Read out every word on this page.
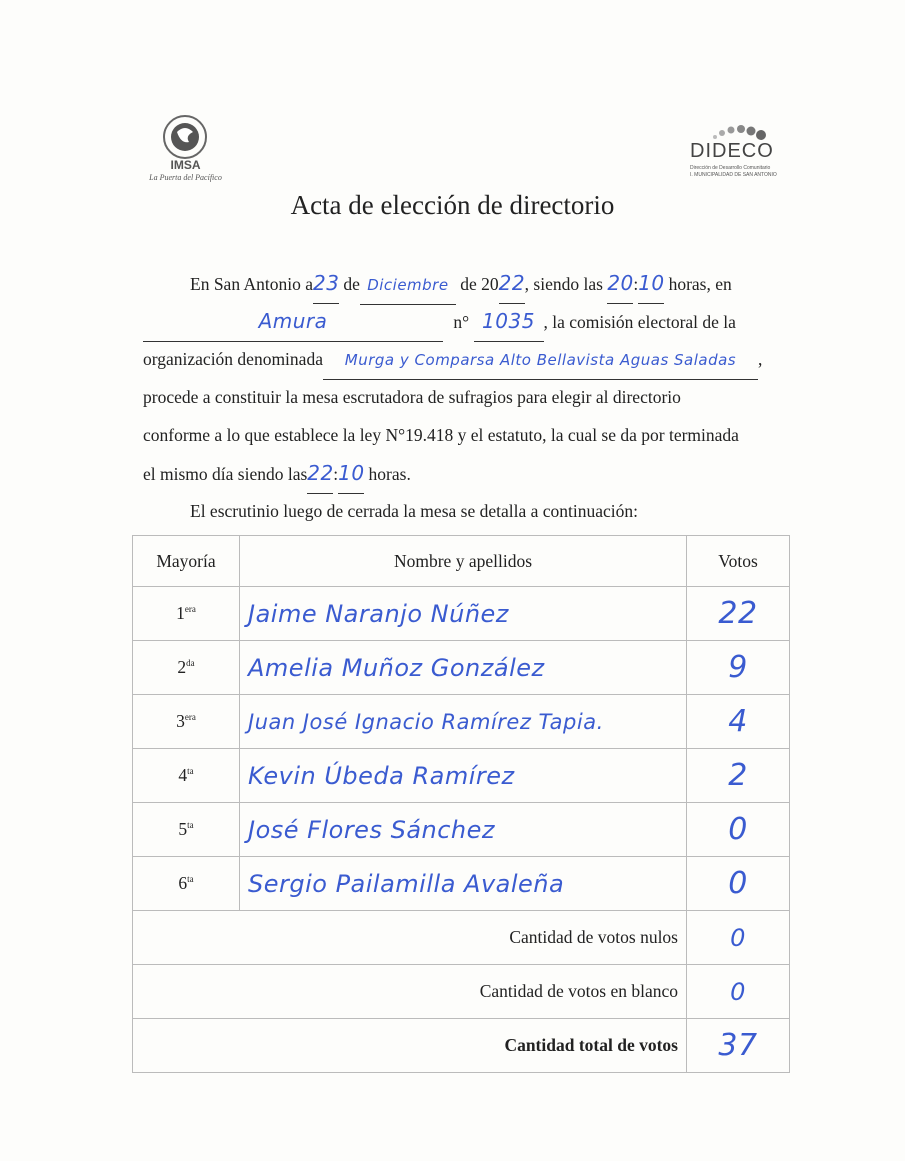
IMSA
La Puerta del Pacífico
DIDECO
Dirección de Desarrollo Comunitario
I. MUNICIPALIDAD DE SAN ANTONIO
Acta de elección de directorio
En San Antonio a23 de Diciembre de 2022, siendo las 20:10 horas, en
Amura	n° 1035 , la comisión electoral de la
organización denominada Murga y Comparsa Alto Bellavista Aguas Saladas ,
procede a constituir la mesa escrutadora de sufragios para elegir al directorio
conforme a lo que establece la ley N°19.418 y el estatuto, la cual se da por terminada
el mismo día siendo las22:10 horas.
El escrutinio luego de cerrada la mesa se detalla a continuación:
Mayoría	Nombre y apellidos	Votos
$1^{era}$	Jaime Naranjo Núñez	22
$2^{da}$	Amelia Muñoz González	9
$3^{era}$	Juan José Ignacio Ramírez Tapia.	4
$4^{ta}$	Kevin Úbeda Ramírez	2
$5^{ta}$	José Flores Sánchez	0
$6^{ta}$	Sergio Pailamilla Avaleña	0
Cantidad de votos nulos		0
Cantidad de votos en blanco		0
Cantidad total de votos		37
